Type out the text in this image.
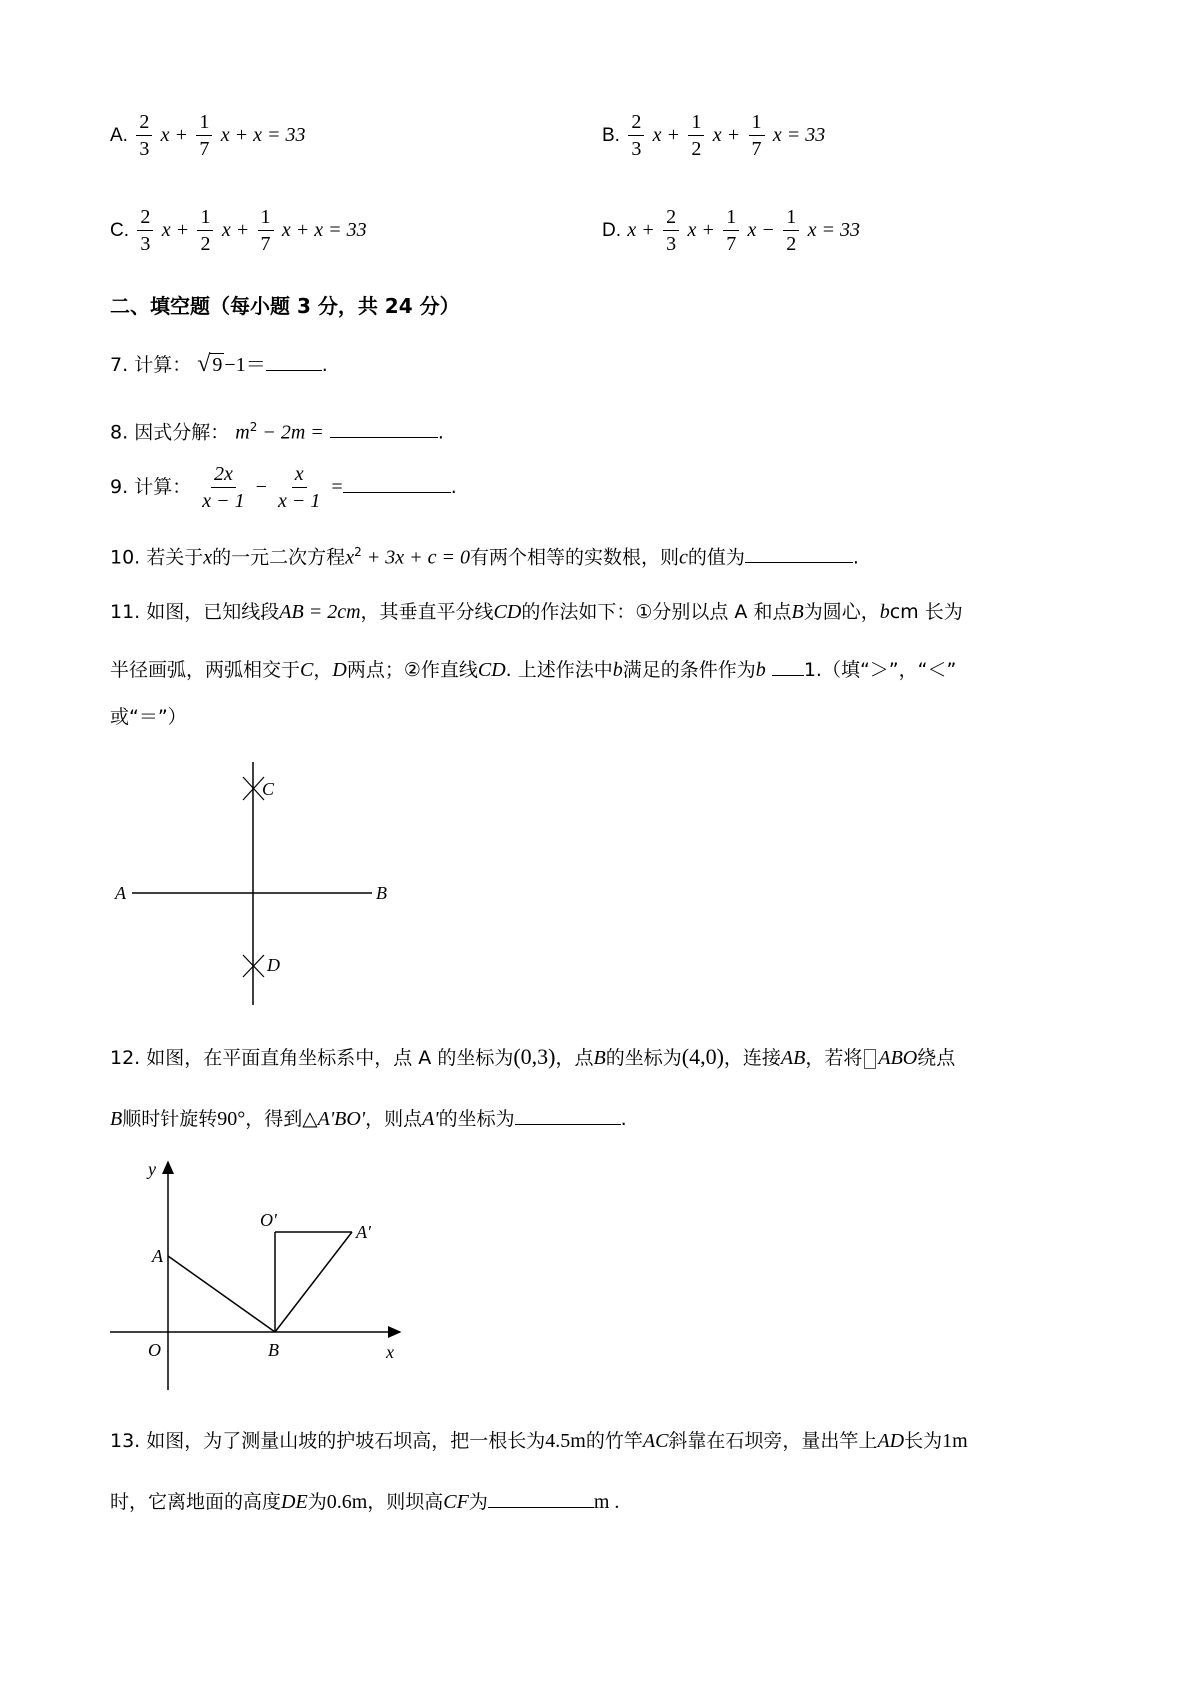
A. $\frac{2}{3}$ $x + \frac{1}{7}$ x + x = 33	B. $\frac{2}{3}$ $x + \frac{1}{2}$ $x + \frac{1}{7}$ x = 33
C. $\frac{2}{3}$ $x + \frac{1}{2}$ $x + \frac{1}{7}$ x + x = 33	D. $x + \frac{2}{3}$ $x + \frac{1}{7}$ $x - \frac{1}{2}$ x = 33
二、填空题（每小题 3 分，共 24 分）
7. 计算： √ 9 −1＝	.
8. 因式分解： $m^2 - 2m$ =	.
9. 计算： $\frac{2x}{x - 1} - \frac{x}{x - 1}$ =	.
10. 若关于x的一元二次方程$x^2 + 3x + c = 0$有两个相等的实数根，则c的值为	.
11. 如图，已知线段AB = 2cm，其垂直平分线CD的作法如下：①分别以点 A 和点B为圆心，bcm 长为
半径画弧，两弧相交于C，D两点；②作直线CD. 上述作法中b满足的条件作为b 1.（填“＞”，“＜”
或“＝”）
C
D
A	B
12. 如图，在平面直角坐标系中，点 A 的坐标为(0,3)，点B的坐标为(4,0)，连接AB，若将 ABO绕点
B顺时针旋转90°，得到△A'BO'，则点A'的坐标为	.
y
x
O
A
B
O′
A′
13. 如图，为了测量山坡的护坡石坝高，把一根长为4.5m的竹竿AC斜靠在石坝旁，量出竿上AD长为1m
时，它离地面的高度DE为0.6m，则坝高CF为	m .
